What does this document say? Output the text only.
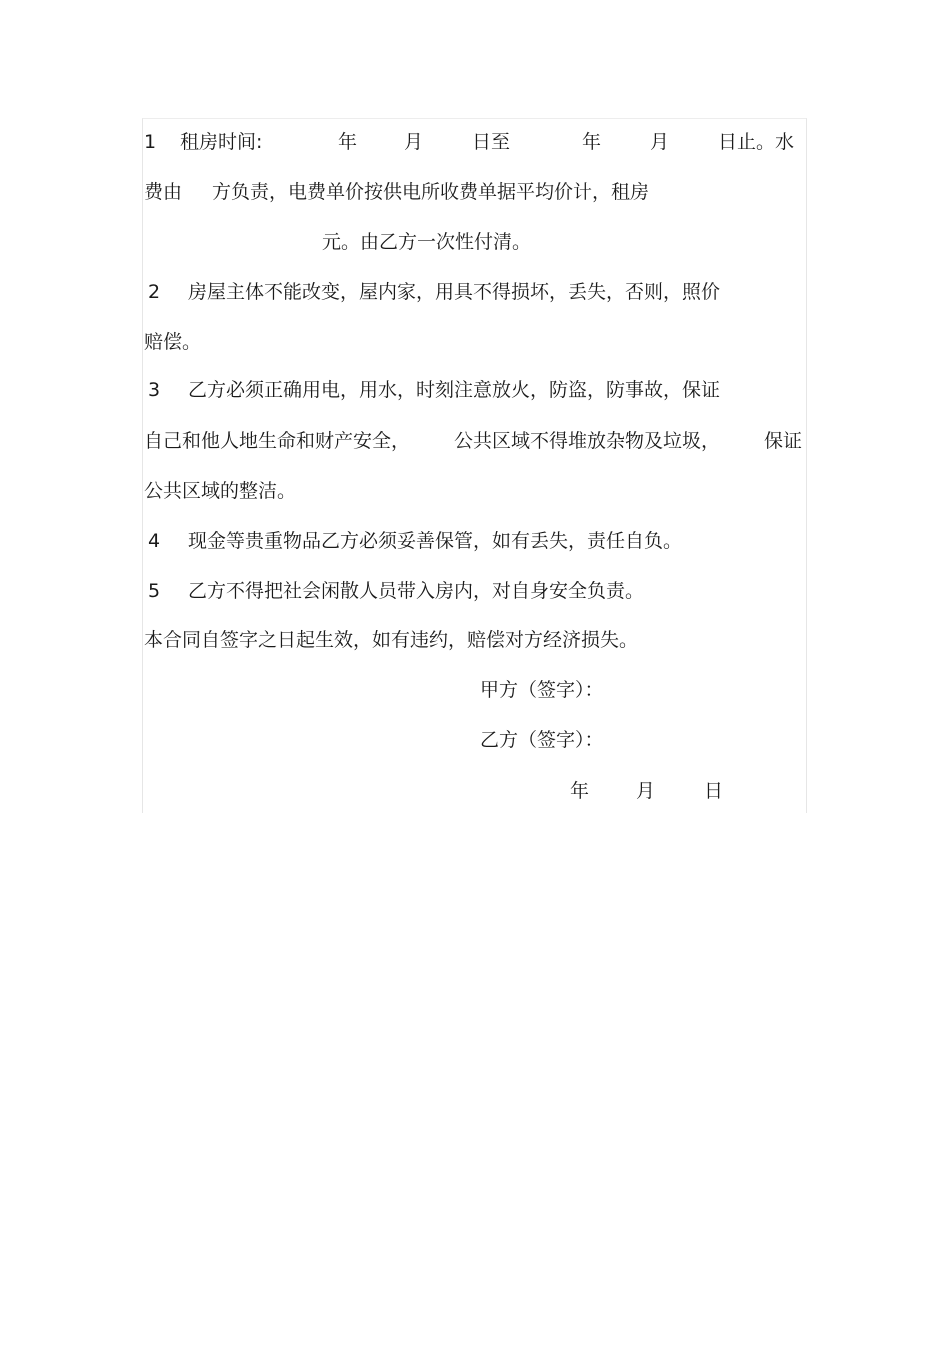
1 租房时间:	年 月	日至	年	月	日止。水
费由 方负责，电费单价按供电所收费单据平均价计，租房
元。由乙方一次性付清。
2 房屋主体不能改变，屋内家，用具不得损坏，丢失，否则，照价
赔偿。
3 乙方必须正确用电，用水，时刻注意放火，防盗，防事故，保证
自己和他人地生命和财产安全， 公共区域不得堆放杂物及垃圾， 保证
公共区域的整洁。
4 现金等贵重物品乙方必须妥善保管，如有丢失，责任自负。
5 乙方不得把社会闲散人员带入房内，对自身安全负责。
本合同自签字之日起生效，如有违约，赔偿对方经济损失。
甲方（签字）：
乙方（签字）：
年 月	日
